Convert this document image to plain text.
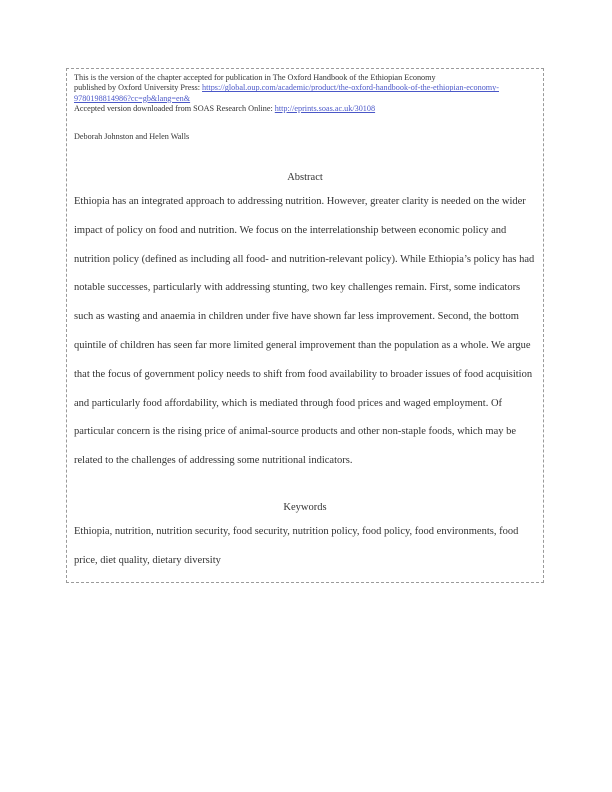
This is the version of the chapter accepted for publication in The Oxford Handbook of the Ethiopian Economy

published by Oxford University Press: https://global.oup.com/academic/product/the-oxford-handbook-of-the-ethiopian-economy-9780198814986?cc=gb&lang=en&

Accepted version downloaded from SOAS Research Online: http://eprints.soas.ac.uk/30108

Deborah Johnston and Helen Walls
Abstract

Ethiopia has an integrated approach to addressing nutrition. However, greater clarity is needed on the wider impact of policy on food and nutrition. We focus on the interrelationship between economic policy and nutrition policy (defined as including all food- and nutrition-relevant policy). While Ethiopia’s policy has had notable successes, particularly with addressing stunting, two key challenges remain. First, some indicators such as wasting and anaemia in children under five have shown far less improvement. Second, the bottom quintile of children has seen far more limited general improvement than the population as a whole. We argue that the focus of government policy needs to shift from food availability to broader issues of food acquisition and particularly food affordability, which is mediated through food prices and waged employment. Of particular concern is the rising price of animal-source products and other non-staple foods, which may be related to the challenges of addressing some nutritional indicators.

Keywords

Ethiopia, nutrition, nutrition security, food security, nutrition policy, food policy, food environments, food price, diet quality, dietary diversity
